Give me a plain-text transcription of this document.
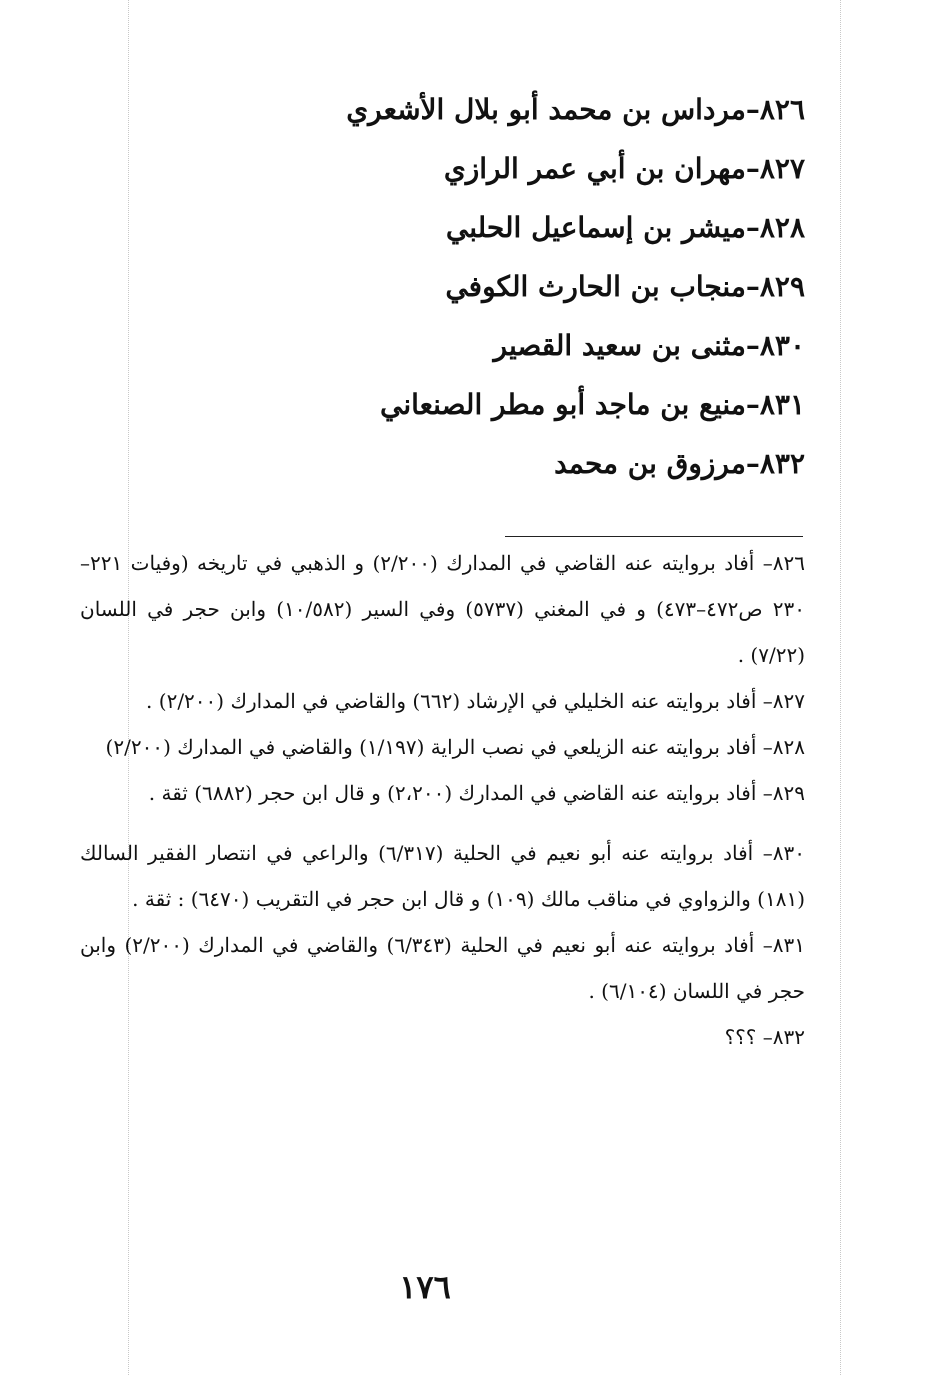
٨٢٦–مرداس بن محمد أبو بلال الأشعري
٨٢٧–مهران بن أبي عمر الرازي
٨٢٨–ميشر بن إسماعيل الحلبي
٨٢٩–منجاب بن الحارث الكوفي
٨٣٠–مثنى بن سعيد القصير
٨٣١–منيع بن ماجد أبو مطر الصنعاني
٨٣٢–مرزوق بن محمد

٨٢٦– أفاد بروايته عنه القاضي في المدارك (٢/٢٠٠) و الذهبي في تاريخه (وفيات ٢٢١–٢٣٠ ص٤٧٢–٤٧٣) و في المغني (٥٧٣٧) وفي السير (١٠/٥٨٢) وابن حجر في اللسان (٧/٢٢) .

٨٢٧– أفاد بروايته عنه الخليلي في الإرشاد (٦٦٢) والقاضي في المدارك (٢/٢٠٠) .

٨٢٨– أفاد بروايته عنه الزيلعي في نصب الراية (١/١٩٧) والقاضي في المدارك (٢/٢٠٠)

٨٢٩– أفاد بروايته عنه القاضي في المدارك (٢،٢٠٠) و قال ابن حجر (٦٨٨٢) ثقة .

٨٣٠– أفاد بروايته عنه أبو نعيم في الحلية (٦/٣١٧) والراعي في انتصار الفقير السالك (١٨١) والزواوي في مناقب مالك (١٠٩) و قال ابن حجر في التقريب (٦٤٧٠) : ثقة .

٨٣١– أفاد بروايته عنه أبو نعيم في الحلية (٦/٣٤٣) والقاضي في المدارك (٢/٢٠٠) وابن حجر في اللسان (٦/١٠٤) .

٨٣٢– ؟؟؟

١٧٦
